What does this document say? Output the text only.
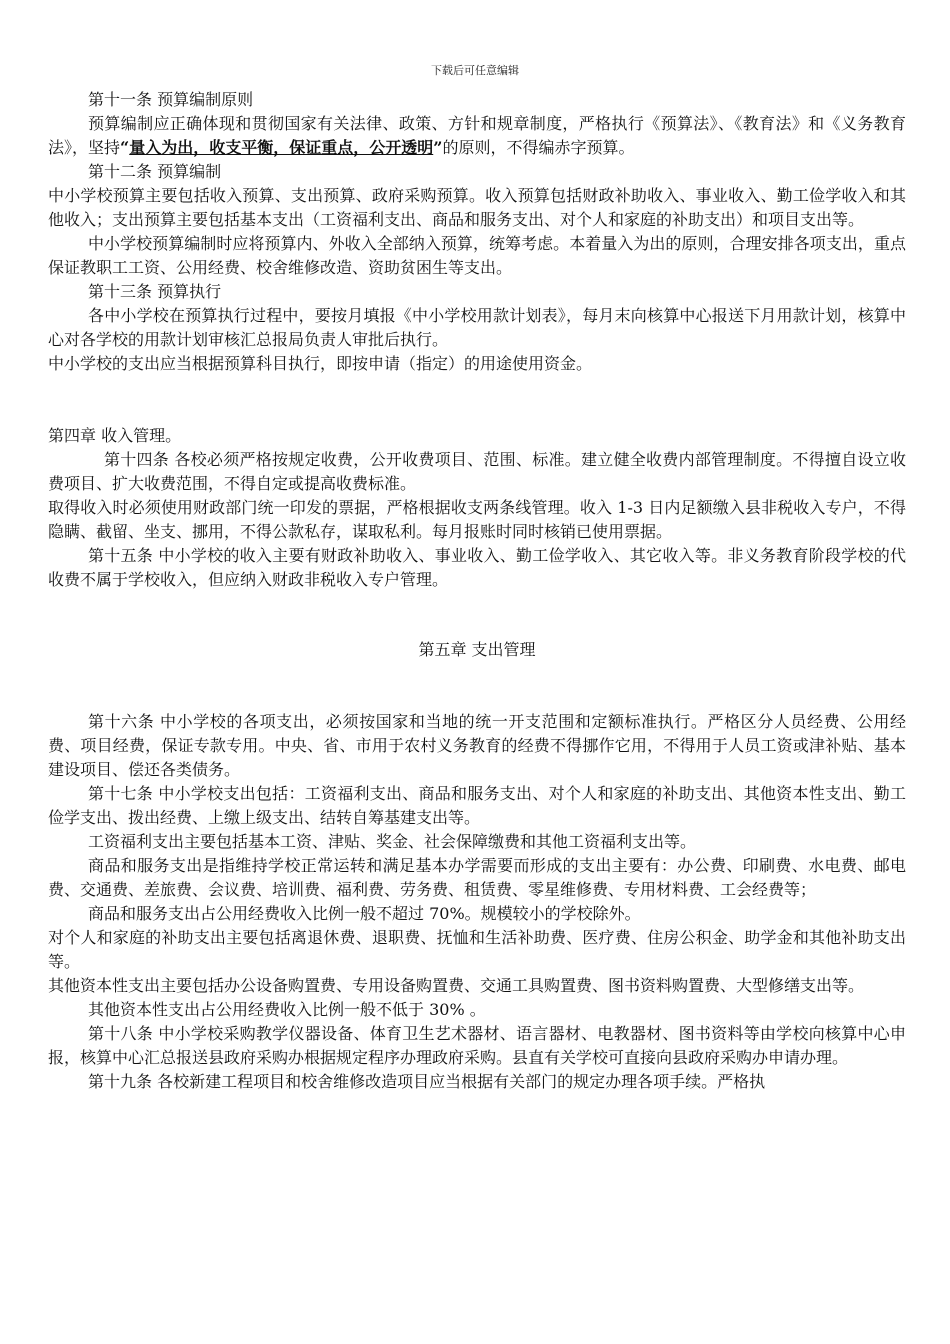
下载后可任意编辑

第十一条 预算编制原则

预算编制应正确体现和贯彻国家有关法律、政策、方针和规章制度，严格执行《预算法》、《教育法》和《义务教育法》，坚持“量入为出，收支平衡，保证重点，公开透明”的原则，不得编赤字预算。

第十二条 预算编制

中小学校预算主要包括收入预算、支出预算、政府采购预算。收入预算包括财政补助收入、事业收入、勤工俭学收入和其他收入；支出预算主要包括基本支出（工资福利支出、商品和服务支出、对个人和家庭的补助支出）和项目支出等。

中小学校预算编制时应将预算内、外收入全部纳入预算，统筹考虑。本着量入为出的原则，合理安排各项支出，重点保证教职工工资、公用经费、校舍维修改造、资助贫困生等支出。

第十三条 预算执行

各中小学校在预算执行过程中，要按月填报《中小学校用款计划表》，每月末向核算中心报送下月用款计划，核算中心对各学校的用款计划审核汇总报局负责人审批后执行。

中小学校的支出应当根据预算科目执行，即按申请（指定）的用途使用资金。

第四章 收入管理。

第十四条 各校必须严格按规定收费，公开收费项目、范围、标准。建立健全收费内部管理制度。不得擅自设立收费项目、扩大收费范围，不得自定或提高收费标准。

取得收入时必须使用财政部门统一印发的票据，严格根据收支两条线管理。收入 1-3 日内足额缴入县非税收入专户，不得隐瞒、截留、坐支、挪用，不得公款私存，谋取私利。每月报账时同时核销已使用票据。

第十五条 中小学校的收入主要有财政补助收入、事业收入、勤工俭学收入、其它收入等。非义务教育阶段学校的代收费不属于学校收入，但应纳入财政非税收入专户管理。

第五章 支出管理

第十六条 中小学校的各项支出，必须按国家和当地的统一开支范围和定额标准执行。严格区分人员经费、公用经费、项目经费，保证专款专用。中央、省、市用于农村义务教育的经费不得挪作它用，不得用于人员工资或津补贴、基本建设项目、偿还各类债务。

第十七条 中小学校支出包括：工资福利支出、商品和服务支出、对个人和家庭的补助支出、其他资本性支出、勤工俭学支出、拨出经费、上缴上级支出、结转自筹基建支出等。

工资福利支出主要包括基本工资、津贴、奖金、社会保障缴费和其他工资福利支出等。

商品和服务支出是指维持学校正常运转和满足基本办学需要而形成的支出主要有：办公费、印刷费、水电费、邮电费、交通费、差旅费、会议费、培训费、福利费、劳务费、租赁费、零星维修费、专用材料费、工会经费等；

商品和服务支出占公用经费收入比例一般不超过 70%。规模较小的学校除外。

对个人和家庭的补助支出主要包括离退休费、退职费、抚恤和生活补助费、医疗费、住房公积金、助学金和其他补助支出等。

其他资本性支出主要包括办公设备购置费、专用设备购置费、交通工具购置费、图书资料购置费、大型修缮支出等。

其他资本性支出占公用经费收入比例一般不低于 30% 。

第十八条 中小学校采购教学仪器设备、体育卫生艺术器材、语言器材、电教器材、图书资料等由学校向核算中心申报，核算中心汇总报送县政府采购办根据规定程序办理政府采购。县直有关学校可直接向县政府采购办申请办理。

第十九条 各校新建工程项目和校舍维修改造项目应当根据有关部门的规定办理各项手续。严格执
